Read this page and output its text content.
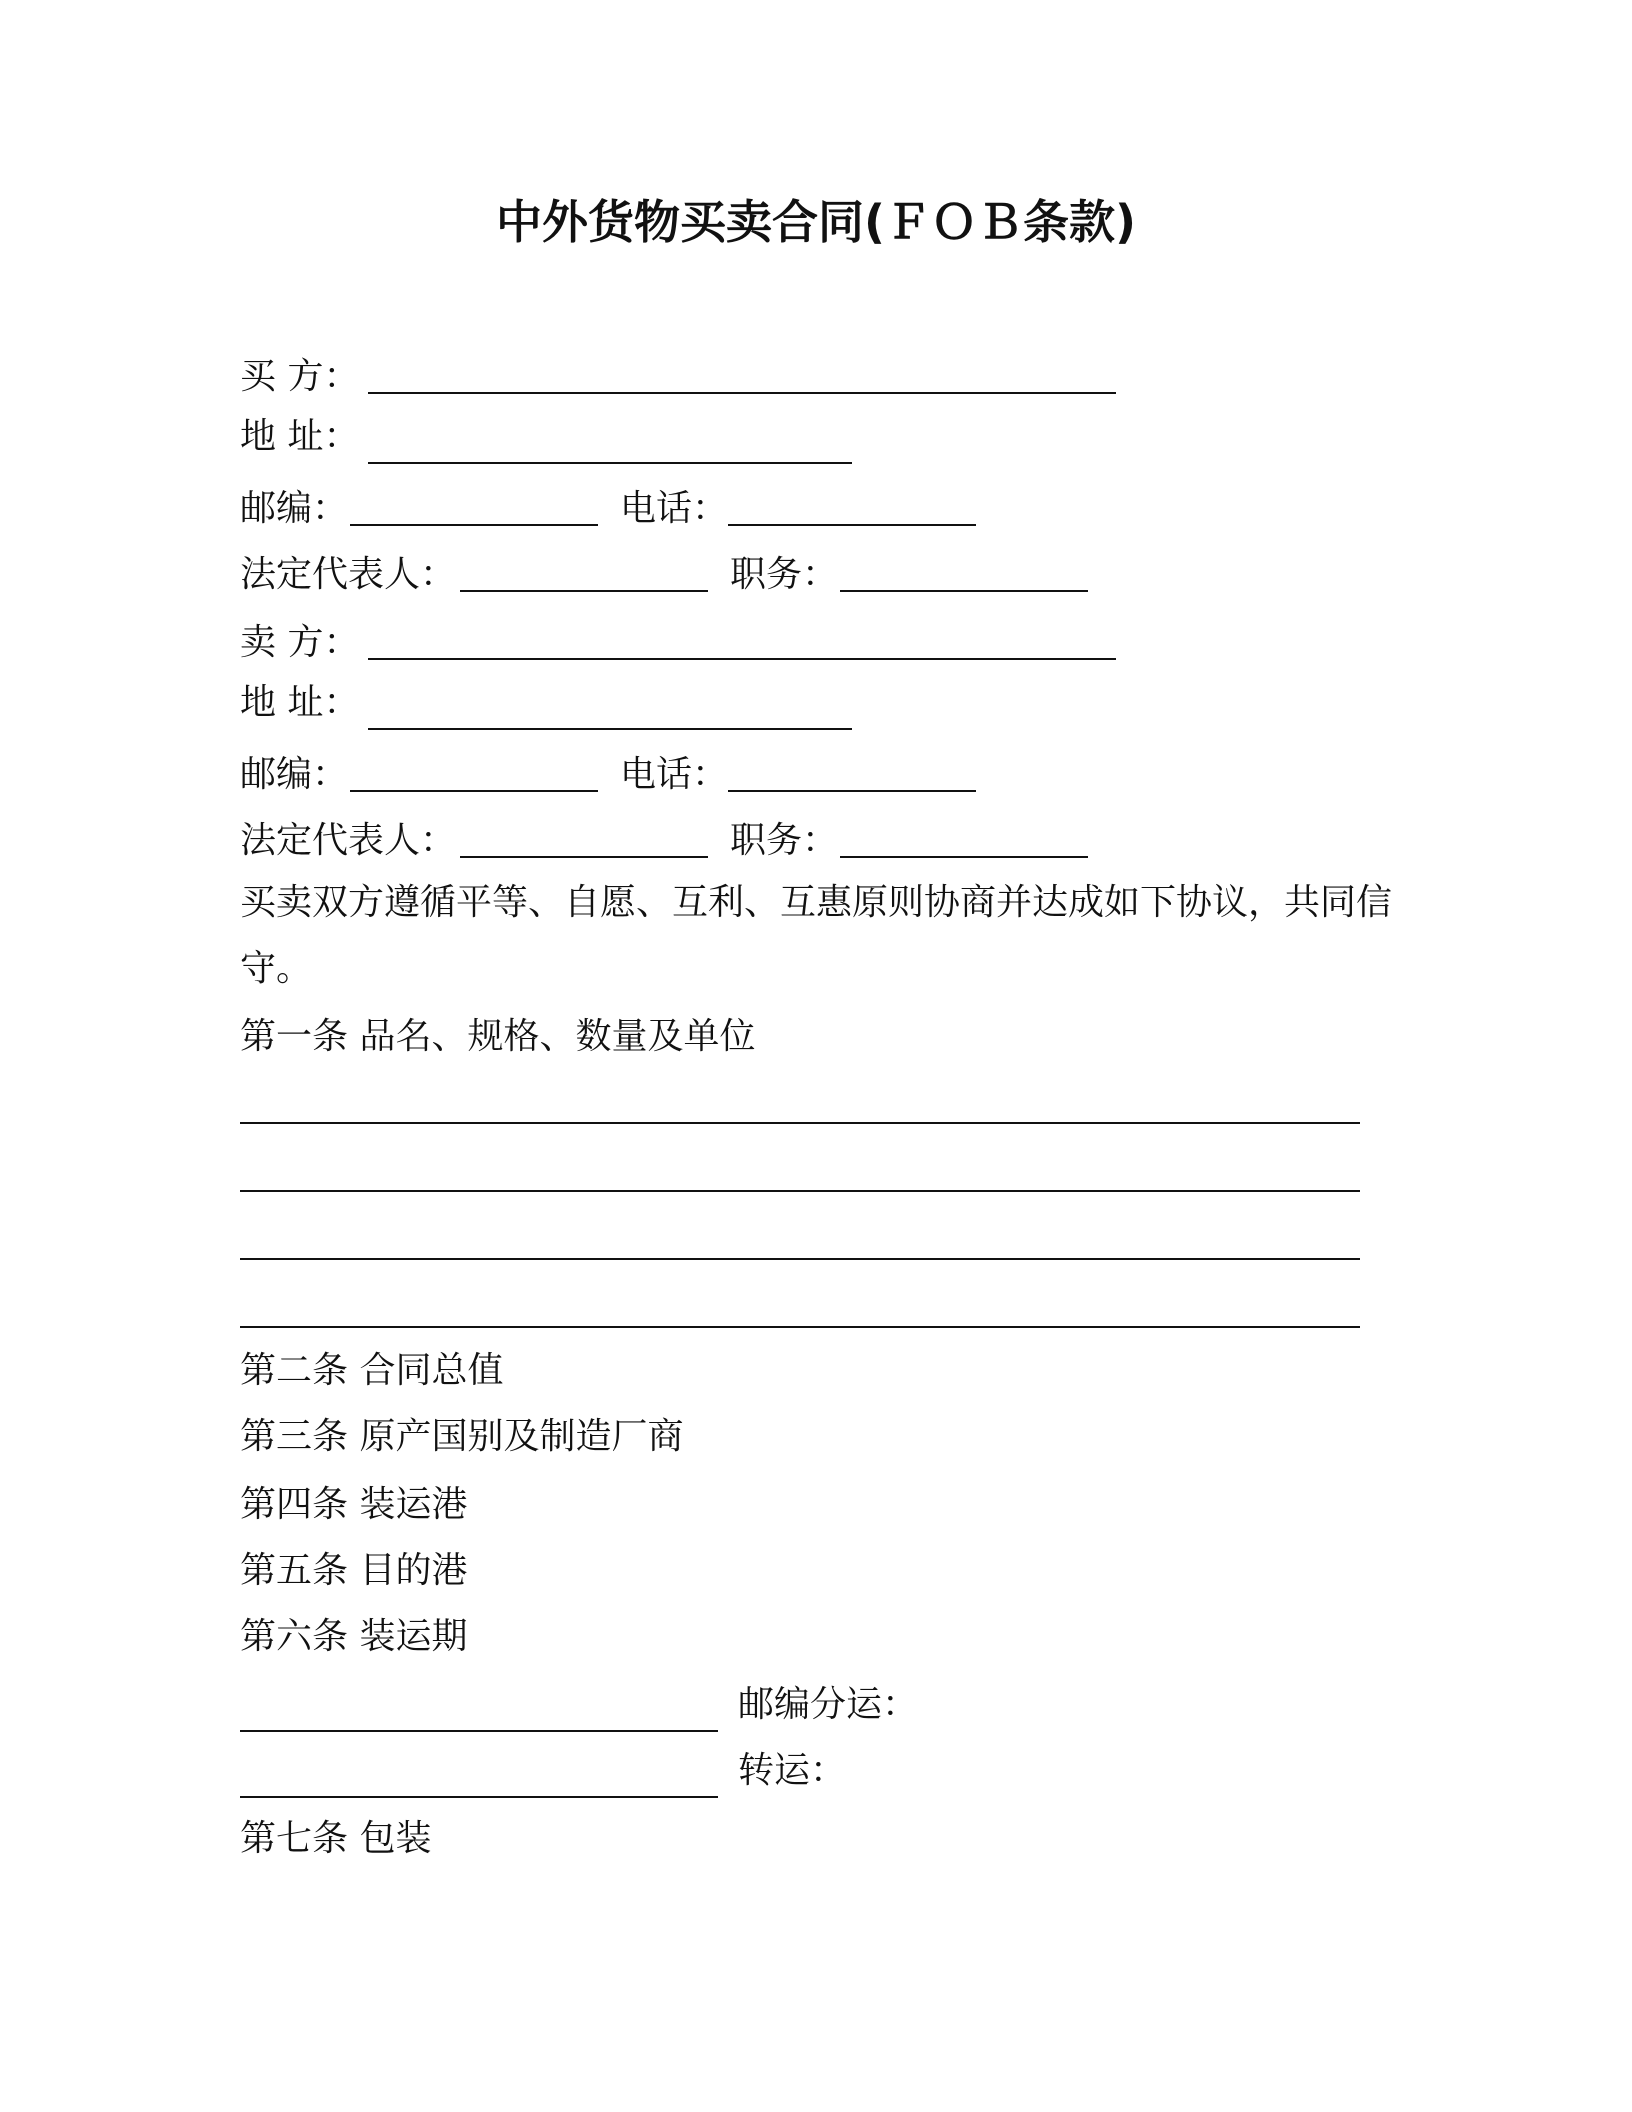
中外货物买卖合同(ＦＯＢ条款)
买 方：
地 址：
邮编：	电话：
法定代表人：	职务：
卖 方：
地 址：
邮编：	电话：
法定代表人：	职务：
买卖双方遵循平等、自愿、互利、互惠原则协商并达成如下协议，共同信守。
第一条 品名、规格、数量及单位
第二条 合同总值
第三条 原产国别及制造厂商
第四条 装运港
第五条 目的港
第六条 装运期
邮编分运：
转运：
第七条 包装
